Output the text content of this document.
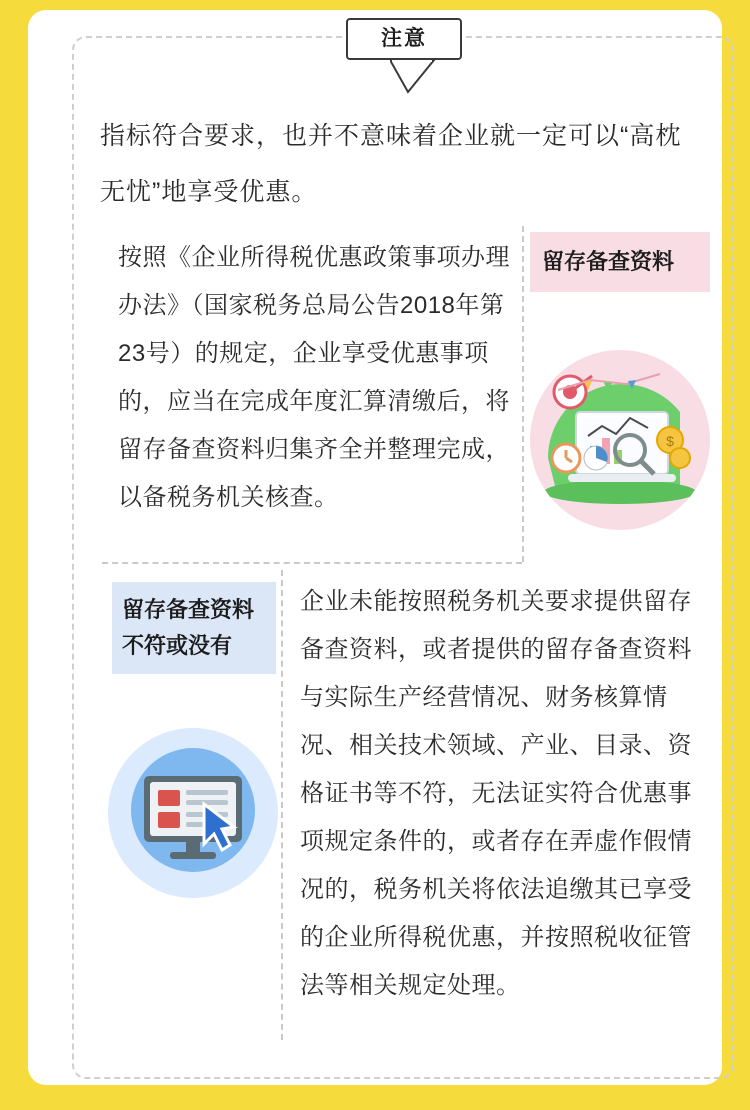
注意
指标符合要求，也并不意味着企业就一定可以“高枕无忧”地享受优惠。
按照《企业所得税优惠政策事项办理办法》（国家税务总局公告2018年第23号）的规定，企业享受优惠事项的，应当在完成年度汇算清缴后，将留存备查资料归集齐全并整理完成，以备税务机关核查。
留存备查资料
$
留存备查资料不符或没有
企业未能按照税务机关要求提供留存备查资料，或者提供的留存备查资料与实际生产经营情况、财务核算情况、相关技术领域、产业、目录、资格证书等不符，无法证实符合优惠事项规定条件的，或者存在弄虚作假情况的，税务机关将依法追缴其已享受的企业所得税优惠，并按照税收征管法等相关规定处理。
